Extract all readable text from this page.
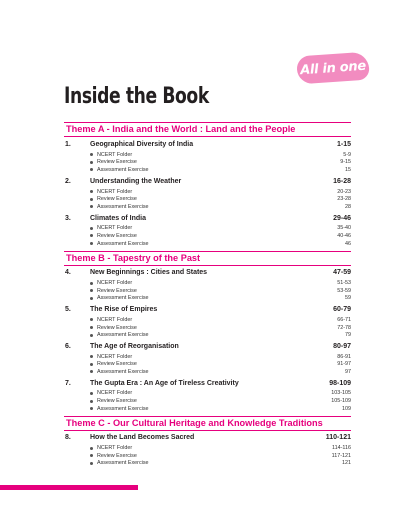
All in one
Inside the Book
Theme A - India and the World : Land and the People
1.	Geographical Diversity of India	1-15
NCERT Folder	5-9
Review Exercise	9-15
Assessment Exercise	15
2.	Understanding the Weather	16-28
NCERT Folder	20-23
Review Exercise	23-28
Assessment Exercise	28
3.	Climates of India	29-46
NCERT Folder	35-40
Review Exercise	40-46
Assessment Exercise	46
Theme B - Tapestry of the Past
4.	New Beginnings : Cities and States	47-59
NCERT Folder	51-53
Review Exercise	53-59
Assessment Exercise	59
5.	The Rise of Empires	60-79
NCERT Folder	66-71
Review Exercise	72-78
Assessment Exercise	79
6.	The Age of Reorganisation	80-97
NCERT Folder	86-91
Review Exercise	91-97
Assessment Exercise	97
7.	The Gupta Era : An Age of Tireless Creativity	98-109
NCERT Folder	103-105
Review Exercise	105-109
Assessment Exercise	109
Theme C - Our Cultural Heritage and Knowledge Traditions
8.	How the Land Becomes Sacred	110-121
NCERT Folder	114-116
Review Exercise	117-121
Assessment Exercise	121
